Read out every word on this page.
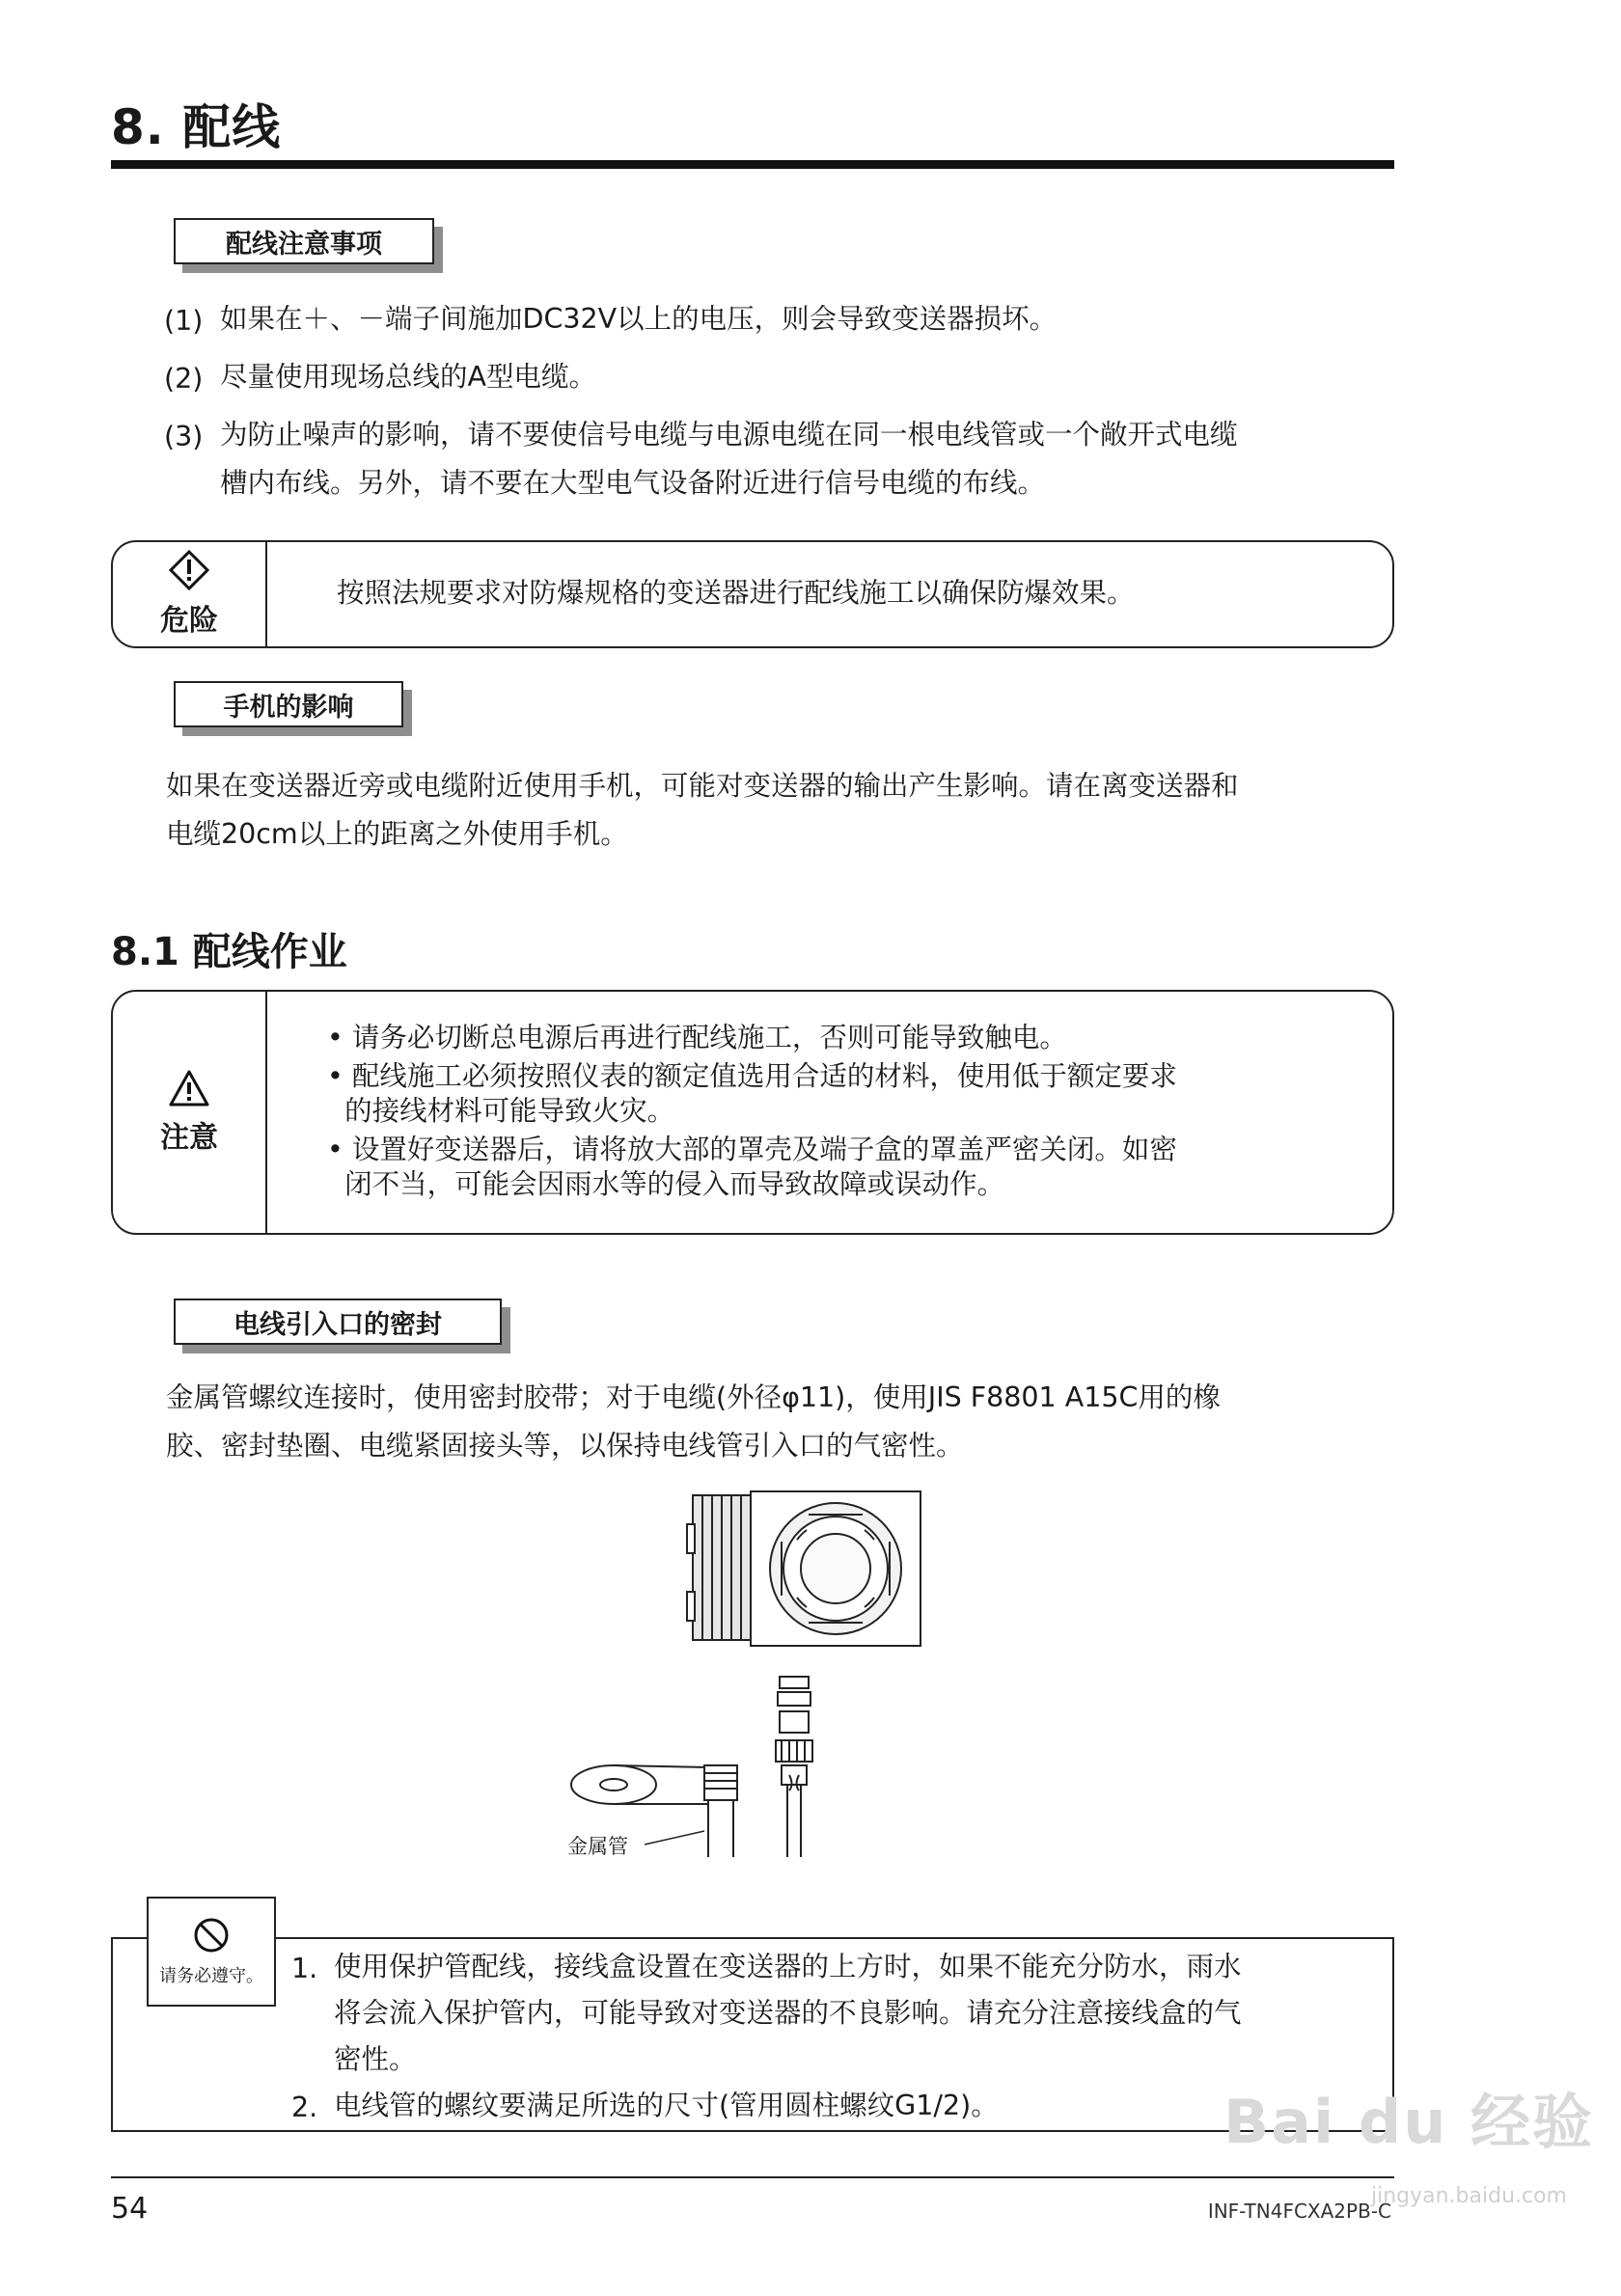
8. 配线
配线注意事项
(1) 如果在＋、－端子间施加DC32V以上的电压，则会导致变送器损坏。
(2) 尽量使用现场总线的A型电缆。
(3) 为防止噪声的影响，请不要使信号电缆与电源电缆在同一根电线管或一个敞开式电缆
槽内布线。另外，请不要在大型电气设备附近进行信号电缆的布线。
危险
按照法规要求对防爆规格的变送器进行配线施工以确保防爆效果。
手机的影响
如果在变送器近旁或电缆附近使用手机，可能对变送器的输出产生影响。请在离变送器和
电缆20cm以上的距离之外使用手机。
8.1 配线作业
注意
• 请务必切断总电源后再进行配线施工，否则可能导致触电。
• 配线施工必须按照仪表的额定值选用合适的材料，使用低于额定要求
的接线材料可能导致火灾。
• 设置好变送器后，请将放大部的罩壳及端子盒的罩盖严密关闭。如密
闭不当，可能会因雨水等的侵入而导致故障或误动作。
电线引入口的密封
金属管螺纹连接时，使用密封胶带；对于电缆(外径φ11)，使用JIS F8801 A15C用的橡
胶、密封垫圈、电缆紧固接头等，以保持电线管引入口的气密性。
金属管
请务必遵守。 1. 使用保护管配线，接线盒设置在变送器的上方时，如果不能充分防水，雨水
将会流入保护管内，可能导致对变送器的不良影响。请充分注意接线盒的气
密性。
2. 电线管的螺纹要满足所选的尺寸(管用圆柱螺纹G1/2)。
54	INF-TN4FCXA2PB-C
Bai du 经验
jingyan.baidu.com
